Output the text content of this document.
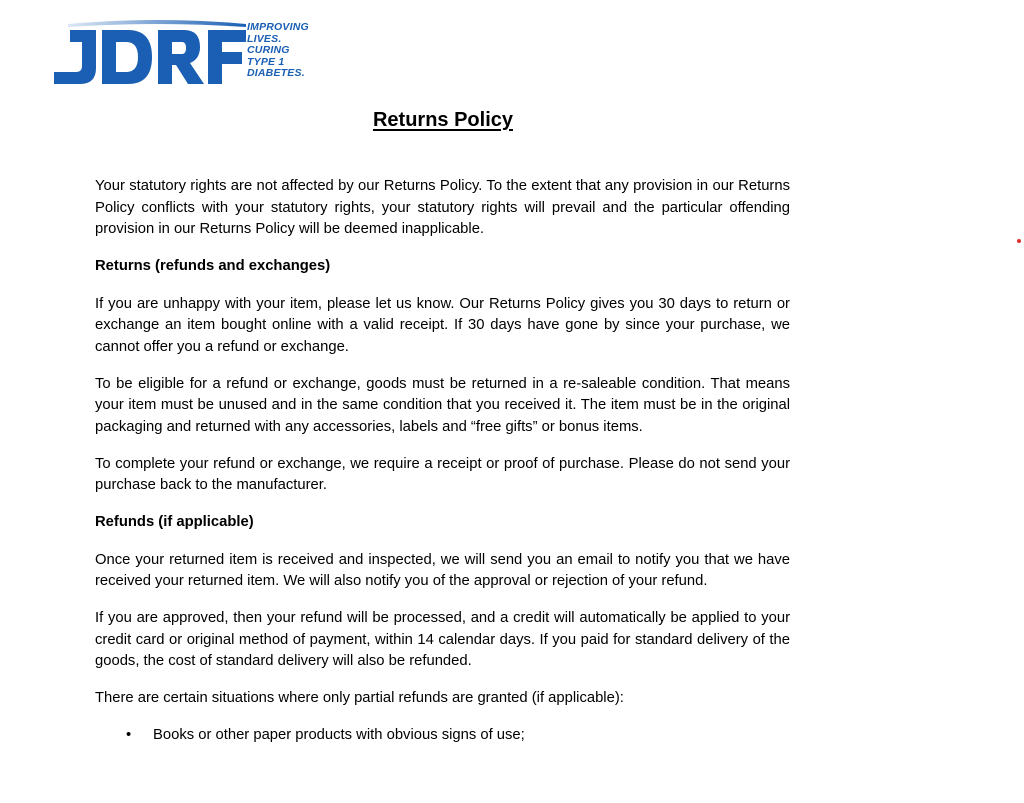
IMPROVING
LIVES.
CURING
TYPE 1
DIABETES.
Returns Policy

Your statutory rights are not affected by our Returns Policy. To the extent that any provision in our Returns Policy conflicts with your statutory rights, your statutory rights will prevail and the particular offending provision in our Returns Policy will be deemed inapplicable.

Returns (refunds and exchanges)

If you are unhappy with your item, please let us know. Our Returns Policy gives you 30 days to return or exchange an item bought online with a valid receipt. If 30 days have gone by since your purchase, we cannot offer you a refund or exchange.

To be eligible for a refund or exchange, goods must be returned in a re-saleable condition. That means your item must be unused and in the same condition that you received it. The item must be in the original packaging and returned with any accessories, labels and “free gifts” or bonus items.

To complete your refund or exchange, we require a receipt or proof of purchase. Please do not send your purchase back to the manufacturer.

Refunds (if applicable)

Once your returned item is received and inspected, we will send you an email to notify you that we have received your returned item. We will also notify you of the approval or rejection of your refund.

If you are approved, then your refund will be processed, and a credit will automatically be applied to your credit card or original method of payment, within 14 calendar days. If you paid for standard delivery of the goods, the cost of standard delivery will also be refunded.

There are certain situations where only partial refunds are granted (if applicable):

• Books or other paper products with obvious signs of use;
